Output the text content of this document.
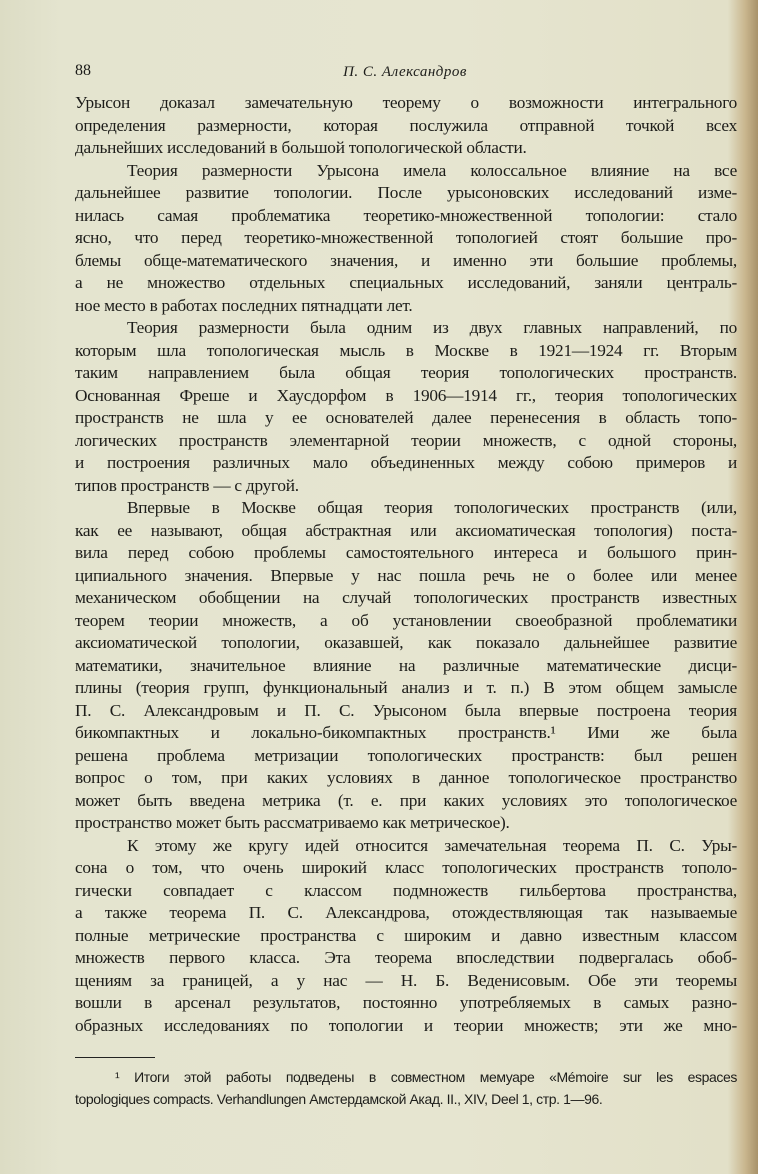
88	П. С. Александров
Урысон доказал замечательную теорему о возможности интегрального
определения размерности, которая послужила отправной точкой всех
дальнейших исследований в большой топологической области.
Теория размерности Урысона имела колоссальное влияние на все
дальнейшее развитие топологии. После урысоновских исследований изме-
нилась самая проблематика теоретико-множественной топологии: стало
ясно, что перед теоретико-множественной топологией стоят большие про-
блемы обще-математического значения, и именно эти большие проблемы,
а не множество отдельных специальных исследований, заняли централь-
ное место в работах последних пятнадцати лет.
Теория размерности была одним из двух главных направлений, по
которым шла топологическая мысль в Москве в 1921—1924 гг. Вторым
таким направлением была общая теория топологических пространств.
Основанная Фреше и Хаусдорфом в 1906—1914 гг., теория топологических
пространств не шла у ее основателей далее перенесения в область топо-
логических пространств элементарной теории множеств, с одной стороны,
и построения различных мало объединенных между собою примеров и
типов пространств — с другой.
Впервые в Москве общая теория топологических пространств (или,
как ее называют, общая абстрактная или аксиоматическая топология) поста-
вила перед собою проблемы самостоятельного интереса и большого прин-
ципиального значения. Впервые у нас пошла речь не о более или менее
механическом обобщении на случай топологических пространств известных
теорем теории множеств, а об установлении своеобразной проблематики
аксиоматической топологии, оказавшей, как показало дальнейшее развитие
математики, значительное влияние на различные математические дисци-
плины (теория групп, функциональный анализ и т. п.) В этом общем замысле
П. С. Александровым и П. С. Урысоном была впервые построена теория
бикомпактных и локально-бикомпактных пространств.¹ Ими же была
решена проблема метризации топологических пространств: был решен
вопрос о том, при каких условиях в данное топологическое пространство
может быть введена метрика (т. е. при каких условиях это топологическое
пространство может быть рассматриваемо как метрическое).
К этому же кругу идей относится замечательная теорема П. С. Уры-
сона о том, что очень широкий класс топологических пространств тополо-
гически совпадает с классом подмножеств гильбертова пространства,
а также теорема П. С. Александрова, отождествляющая так называемые
полные метрические пространства с широким и давно известным классом
множеств первого класса. Эта теорема впоследствии подвергалась обоб-
щениям за границей, а у нас — Н. Б. Веденисовым. Обе эти теоремы
вошли в арсенал результатов, постоянно употребляемых в самых разно-
образных исследованиях по топологии и теории множеств; эти же мно-
¹ Итоги этой работы подведены в совместном мемуаре «Mémoire sur les espaces
topologiques compacts. Verhandlungen Амстердамской Акад. II., XIV, Deel 1, стр. 1—96.
